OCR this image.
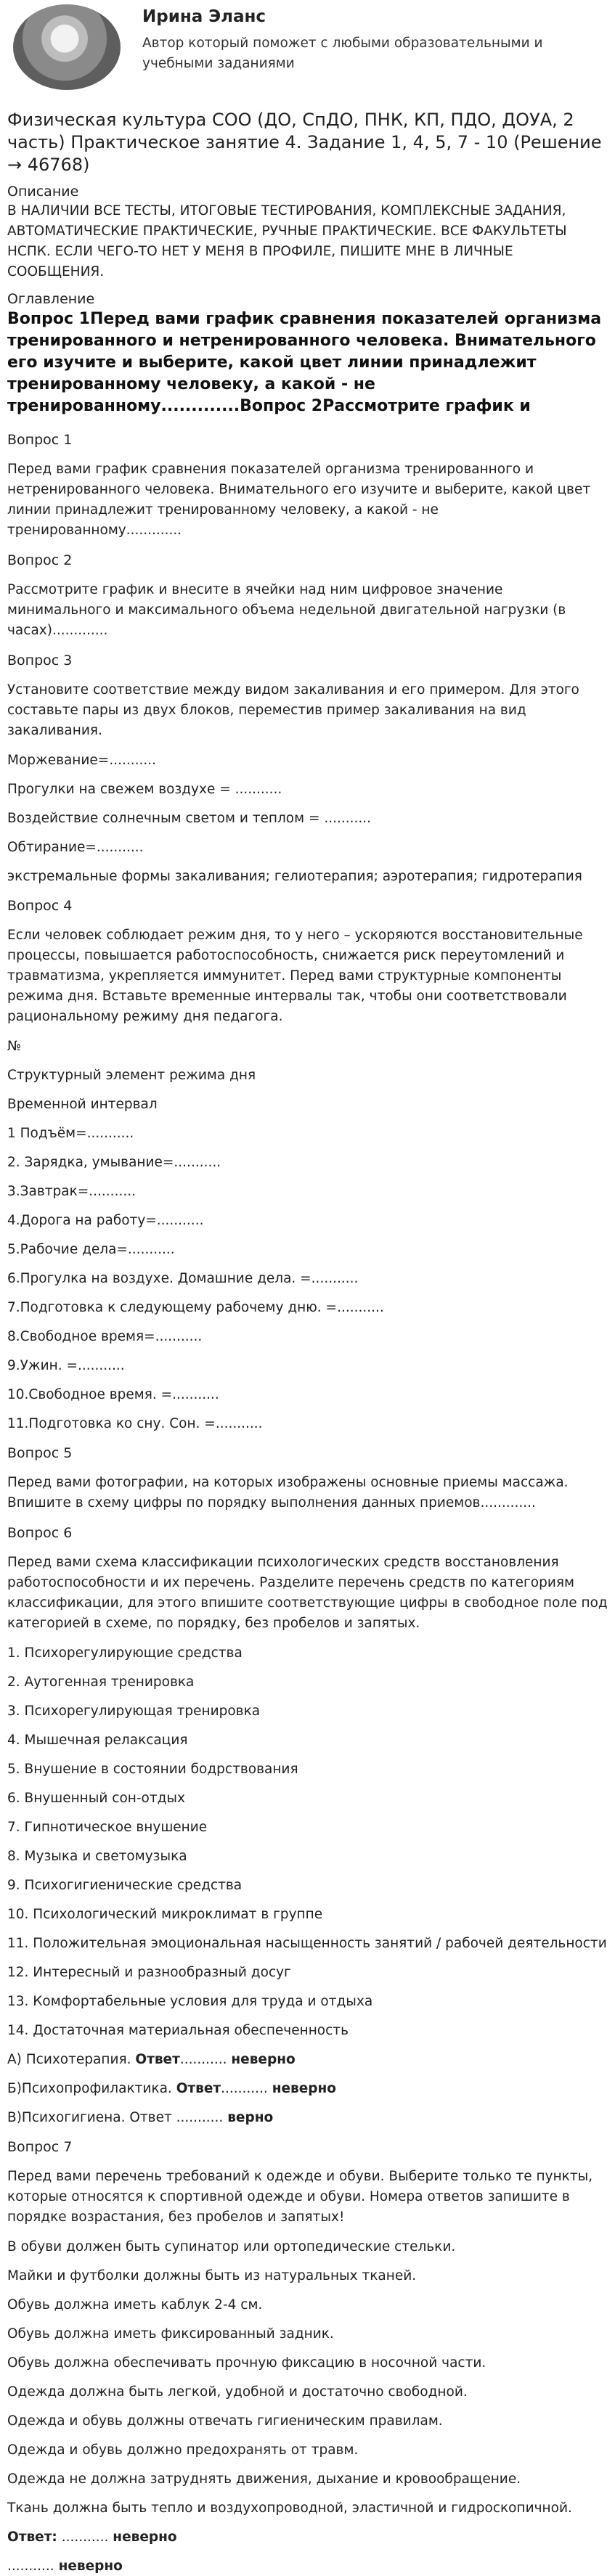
Ирина Эланс
Автор который поможет с любыми образовательными и учебными заданиями
Физическая культура СОО (ДО, СпДО, ПНК, КП, ПДО, ДОУА, 2 часть) Практическое занятие 4. Задание 1, 4, 5, 7 - 10 (Решение → 46768)
Описание
В НАЛИЧИИ ВСЕ ТЕСТЫ, ИТОГОВЫЕ ТЕСТИРОВАНИЯ, КОМПЛЕКСНЫЕ ЗАДАНИЯ, АВТОМАТИЧЕСКИЕ ПРАКТИЧЕСКИЕ, РУЧНЫЕ ПРАКТИЧЕСКИЕ. ВСЕ ФАКУЛЬТЕТЫ НСПК. ЕСЛИ ЧЕГО-ТО НЕТ У МЕНЯ В ПРОФИЛЕ, ПИШИТЕ МНЕ В ЛИЧНЫЕ СООБЩЕНИЯ.
Оглавление
Вопрос 1Перед вами график сравнения показателей организма тренированного и нетренированного человека. Внимательного его изучите и выберите, какой цвет линии принадлежит тренированному человеку, а какой - не тренированному.............Вопрос 2Рассмотрите график и
Вопрос 1
Перед вами график сравнения показателей организма тренированного и нетренированного человека. Внимательного его изучите и выберите, какой цвет линии принадлежит тренированному человеку, а какой - не тренированному.............
Вопрос 2
Рассмотрите график и внесите в ячейки над ним цифровое значение минимального и максимального объема недельной двигательной нагрузки (в часах).............
Вопрос 3
Установите соответствие между видом закаливания и его примером. Для этого составьте пары из двух блоков, переместив пример закаливания на вид закаливания.
Моржевание=...........
Прогулки на свежем воздухе = ...........
Воздействие солнечным светом и теплом = ...........
Обтирание=...........
экстремальные формы закаливания; гелиотерапия; аэротерапия; гидротерапия
Вопрос 4
Если человек соблюдает режим дня, то у него – ускоряются восстановительные процессы, повышается работоспособность, снижается риск переутомлений и травматизма, укрепляется иммунитет. Перед вами структурные компоненты режима дня. Вставьте временные интервалы так, чтобы они соответствовали рациональному режиму дня педагога.
№
Структурный элемент режима дня
Временной интервал
1 Подъём=...........
2. Зарядка, умывание=...........
3.Завтрак=...........
4.Дорога на работу=...........
5.Рабочие дела=...........
6.Прогулка на воздухе. Домашние дела. =...........
7.Подготовка к следующему рабочему дню. =...........
8.Свободное время=...........
9.Ужин. =...........
10.Свободное время. =...........
11.Подготовка ко сну. Сон. =...........
Вопрос 5
Перед вами фотографии, на которых изображены основные приемы массажа. Впишите в схему цифры по порядку выполнения данных приемов.............
Вопрос 6
Перед вами схема классификации психологических средств восстановления работоспособности и их перечень. Разделите перечень средств по категориям классификации, для этого впишите соответствующие цифры в свободное поле под категорией в схеме, по порядку, без пробелов и запятых.
1. Психорегулирующие средства
2. Аутогенная тренировка
3. Психорегулирующая тренировка
4. Мышечная релаксация
5. Внушение в состоянии бодрствования
6. Внушенный сон-отдых
7. Гипнотическое внушение
8. Музыка и светомузыка
9. Психогигиенические средства
10. Психологический микроклимат в группе
11. Положительная эмоциональная насыщенность занятий / рабочей деятельности
12. Интересный и разнообразный досуг
13. Комфортабельные условия для труда и отдыха
14. Достаточная материальная обеспеченность
А) Психотерапия. Ответ........... неверно
Б)Психопрофилактика. Ответ........... неверно
В)Психогигиена. Ответ ........... верно
Вопрос 7
Перед вами перечень требований к одежде и обуви. Выберите только те пункты, которые относятся к спортивной одежде и обуви. Номера ответов запишите в порядке возрастания, без пробелов и запятых!
В обуви должен быть супинатор или ортопедические стельки.
Майки и футболки должны быть из натуральных тканей.
Обувь должна иметь каблук 2-4 см.
Обувь должна иметь фиксированный задник.
Обувь должна обеспечивать прочную фиксацию в носочной части.
Одежда должна быть легкой, удобной и достаточно свободной.
Одежда и обувь должны отвечать гигиеническим правилам.
Одежда и обувь должно предохранять от травм.
Одежда не должна затруднять движения, дыхание и кровообращение.
Ткань должна быть тепло и воздухопроводной, эластичной и гидроскопичной.
Ответ: ........... неверно
........... неверно
